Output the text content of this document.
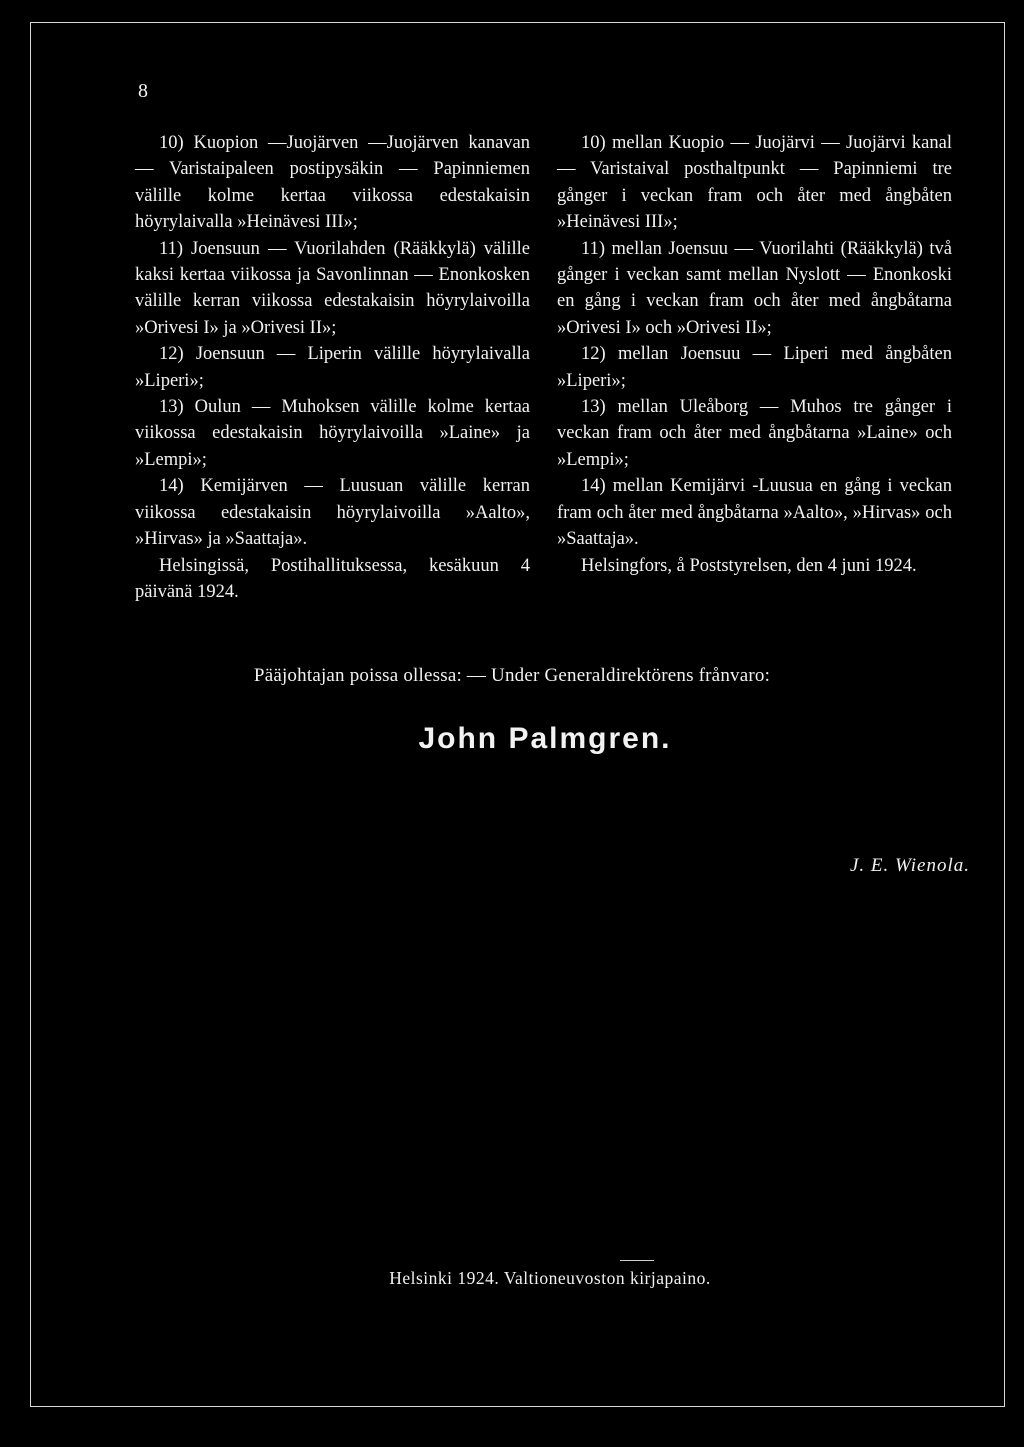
8

10) Kuopion —Juojärven —Juojärven kanavan — Varistaipaleen postipysäkin — Papinniemen välille kolme kertaa viikossa edestakaisin höyrylaivalla »Heinävesi III»;

11) Joensuun — Vuorilahden (Rääkkylä) välille kaksi kertaa viikossa ja Savonlinnan — Enonkosken välille kerran viikossa edestakaisin höyrylaivoilla »Orivesi I» ja »Orivesi II»;

12) Joensuun — Liperin välille höyrylaivalla »Liperi»;

13) Oulun — Muhoksen välille kolme kertaa viikossa edestakaisin höyrylaivoilla »Laine» ja »Lempi»;

14) Kemijärven — Luusuan välille kerran viikossa edestakaisin höyrylaivoilla »Aalto», »Hirvas» ja »Saattaja».

Helsingissä, Postihallituksessa, kesäkuun 4 päivänä 1924.

10) mellan Kuopio — Juojärvi — Juojärvi kanal — Varistaival posthaltpunkt — Papinniemi tre gånger i veckan fram och åter med ångbåten »Heinävesi III»;

11) mellan Joensuu — Vuorilahti (Rääkkylä) två gånger i veckan samt mellan Nyslott — Enonkoski en gång i veckan fram och åter med ångbåtarna »Orivesi I» och »Orivesi II»;

12) mellan Joensuu — Liperi med ångbåten »Liperi»;

13) mellan Uleåborg — Muhos tre gånger i veckan fram och åter med ångbåtarna »Laine» och »Lempi»;

14) mellan Kemijärvi -Luusua en gång i veckan fram och åter med ångbåtarna »Aalto», »Hirvas» och »Saattaja».

Helsingfors, å Poststyrelsen, den 4 juni 1924.

Pääjohtajan poissa ollessa: — Under Generaldirektörens frånvaro:
John Palmgren.
J. E. Wienola.
Helsinki 1924. Valtioneuvoston kirjapaino.
